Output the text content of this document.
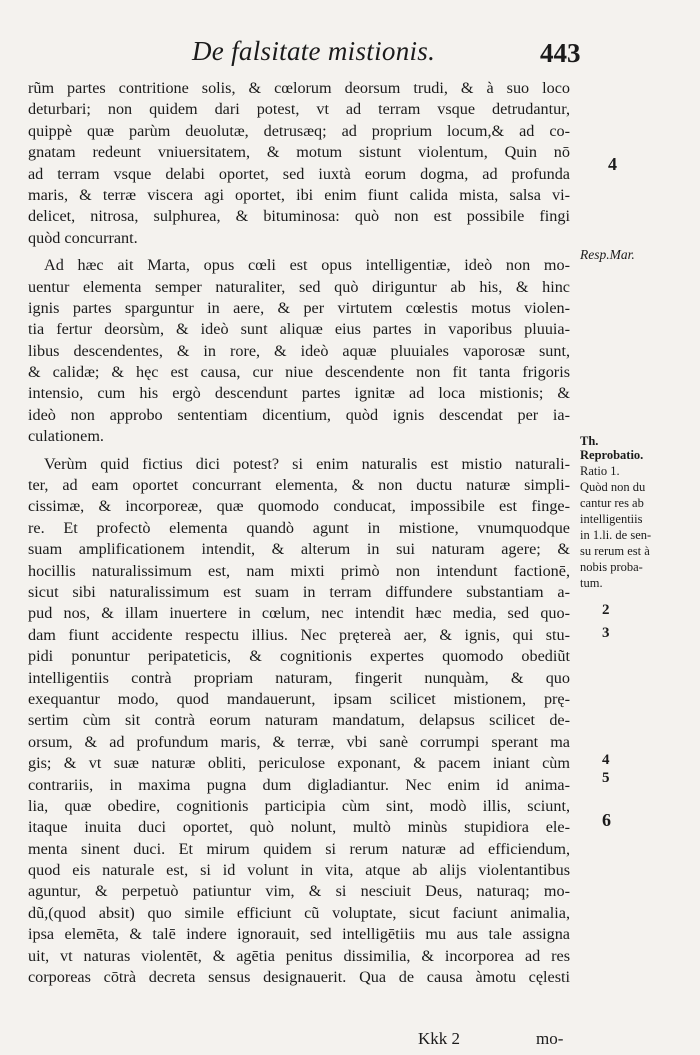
De falsitate mistionis.	443
rũm partes contritione solis, & cœlorum deorsum trudi, & à suo loco
deturbari; non quidem dari potest, vt ad terram vsque detrudantur,
quippè quæ parùm deuolutæ, detrusæq; ad proprium locum,& ad co-
gnatam redeunt vniuersitatem, & motum sistunt violentum, Quin nō
ad terram vsque delabi oportet, sed iuxtà eorum dogma, ad profunda
maris, & terræ viscera agi oportet, ibi enim fiunt calida mista, salsa vi-
delicet, nitrosa, sulphurea, & bituminosa: quò non est possibile fingi
quòd concurrant.
Ad hæc ait Marta, opus cœli est opus intelligentiæ, ideò non mo-
uentur elementa semper naturaliter, sed quò diriguntur ab his, & hinc
ignis partes sparguntur in aere, & per virtutem cœlestis motus violen-
tia fertur deorsùm, & ideò sunt aliquæ eius partes in vaporibus pluuia-
libus descendentes, & in rore, & ideò aquæ pluuiales vaporosæ sunt,
& calidæ; & hęc est causa, cur niue descendente non fit tanta frigoris
intensio, cum his ergò descendunt partes ignitæ ad loca mistionis; &
ideò non approbo sententiam dicentium, quòd ignis descendat per ia-
culationem.
Verùm quid fictius dici potest? si enim naturalis est mistio naturali-
ter, ad eam oportet concurrant elementa, & non ductu naturæ simpli-
cissimæ, & incorporeæ, quæ quomodo conducat, impossibile est finge-
re. Et profectò elementa quandò agunt in mistione, vnumquodque
suam amplificationem intendit, & alterum in sui naturam agere; &
hocillis naturalissimum est, nam mixti primò non intendunt factionē,
sicut sibi naturalissimum est suam in terram diffundere substantiam a-
pud nos, & illam inuertere in cœlum, nec intendit hæc media, sed quo-
dam fiunt accidente respectu illius. Nec prętereà aer, & ignis, qui stu-
pidi ponuntur peripateticis, & cognitionis expertes quomodo obediũt
intelligentiis contrà propriam naturam, fingerit nunquàm, & quo
exequantur modo, quod mandauerunt, ipsam scilicet mistionem, prę-
sertim cùm sit contrà eorum naturam mandatum, delapsus scilicet de-
orsum, & ad profundum maris, & terræ, vbi sanè corrumpi sperant ma
gis; & vt suæ naturæ obliti, periculose exponant, & pacem iniant cùm
contrariis, in maxima pugna dum digladiantur. Nec enim id anima-
lia, quæ obedire, cognitionis participia cùm sint, modò illis, sciunt,
itaque inuita duci oportet, quò nolunt, multò minùs stupidiora ele-
menta sinent duci. Et mirum quidem si rerum naturæ ad efficiendum,
quod eis naturale est, si id volunt in vita, atque ab alijs violentantibus
aguntur, & perpetuò patiuntur vim, & si nesciuit Deus, naturaq; mo-
dũ,(quod absit) quo simile efficiunt cũ voluptate, sicut faciunt animalia,
ipsa elemēta, & talē indere ignorauit, sed intelligētiis mu aus tale assigna
uit, vt naturas violentēt, & agētia penitus dissimilia, & incorporea ad res
corporeas cōtrà decreta sensus designauerit. Qua de causa àmotu cęlesti
4
Resp.Mar.
Th.
Reprobatio.
Ratio 1.
Quòd non du
cantur res ab
intelligentiis
in 1.li. de sen-
su rerum est à
nobis proba-
tum.
2
3
4
5
6
Kkk 2	mo-
